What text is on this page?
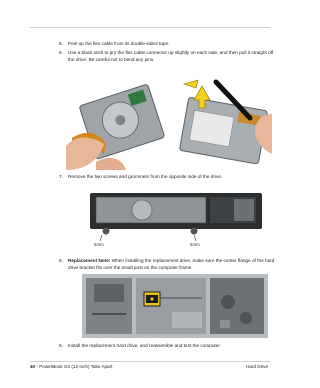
5. Peel up the flex cable from its double-sided tape.
6. Use a black stick to pry the flex cable connector up slightly on each side, and then pull it straight off the drive. Be careful not to bend any pins.
7. Remove the two screws and grommets from the opposite side of the drive.
5mm	5mm
8. Replacement Note: When installing the replacement drive, make sure the center flange of the hard drive bracket fits over the small post on the computer frame.
9. Install the replacement hard drive, and reassemble and test the computer.
40 - PowerBook G4 (12-inch) Take Apart	Hard Drive
